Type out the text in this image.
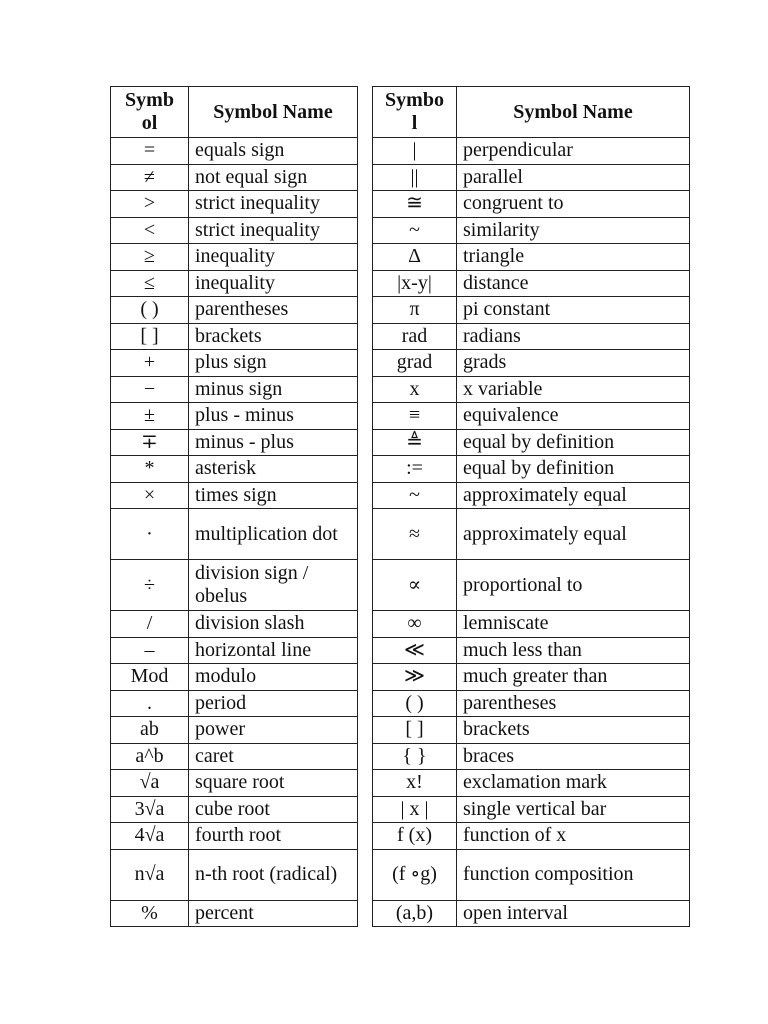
Symb
ol	Symbol Name
=	equals sign
≠	not equal sign
>	strict inequality
<	strict inequality
≥	inequality
≤	inequality
( )	parentheses
[ ]	brackets
+	plus sign
−	minus sign
±	plus - minus
∓	minus - plus
*	asterisk
×	times sign
·	multiplication dot
÷	division sign / obelus
/	division slash
–	horizontal line
Mod	modulo
.	period
ab	power
a^b	caret
√a	square root
3√a	cube root
4√a	fourth root
n√a	n-th root (radical)
%	percent
Symbo
l	Symbol Name
|	perpendicular
||	parallel
≅	congruent to
~	similarity
Δ	triangle
|x-y|	distance
π	pi constant
rad	radians
grad	grads
x	x variable
≡	equivalence
≜	equal by definition
:=	equal by definition
~	approximately equal
≈	approximately equal
∝	proportional to
∞	lemniscate
≪	much less than
≫	much greater than
( )	parentheses
[ ]	brackets
{ }	braces
x!	exclamation mark
| x |	single vertical bar
f (x)	function of x
(f ∘g)	function composition
(a,b)	open interval
